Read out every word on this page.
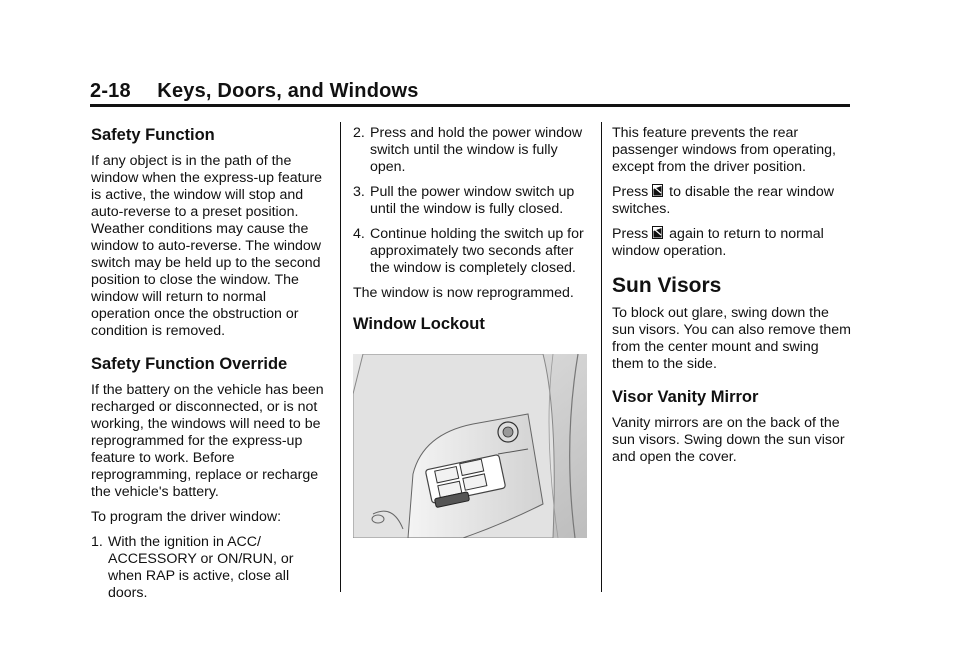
2-18 Keys, Doors, and Windows
Safety Function

If any object is in the path of the window when the express-up feature is active, the window will stop and auto-reverse to a preset position. Weather conditions may cause the window to auto-reverse. The window switch may be held up to the second position to close the window. The window will return to normal operation once the obstruction or condition is removed.

Safety Function Override

If the battery on the vehicle has been recharged or disconnected, or is not working, the windows will need to be reprogrammed for the express-up feature to work. Before reprogramming, replace or recharge the vehicle's battery.

To program the driver window:

1. With the ignition in ACC/ ACCESSORY or ON/RUN, or when RAP is active, close all doors.
2. Press and hold the power window switch until the window is fully open.
3. Pull the power window switch up until the window is fully closed.
4. Continue holding the switch up for approximately two seconds after the window is completely closed.

The window is now reprogrammed.

Window Lockout

This feature prevents the rear passenger windows from operating, except from the driver position.

Press to disable the rear window switches.

Press again to return to normal window operation.

Sun Visors

To block out glare, swing down the sun visors. You can also remove them from the center mount and swing them to the side.

Visor Vanity Mirror

Vanity mirrors are on the back of the sun visors. Swing down the sun visor and open the cover.
